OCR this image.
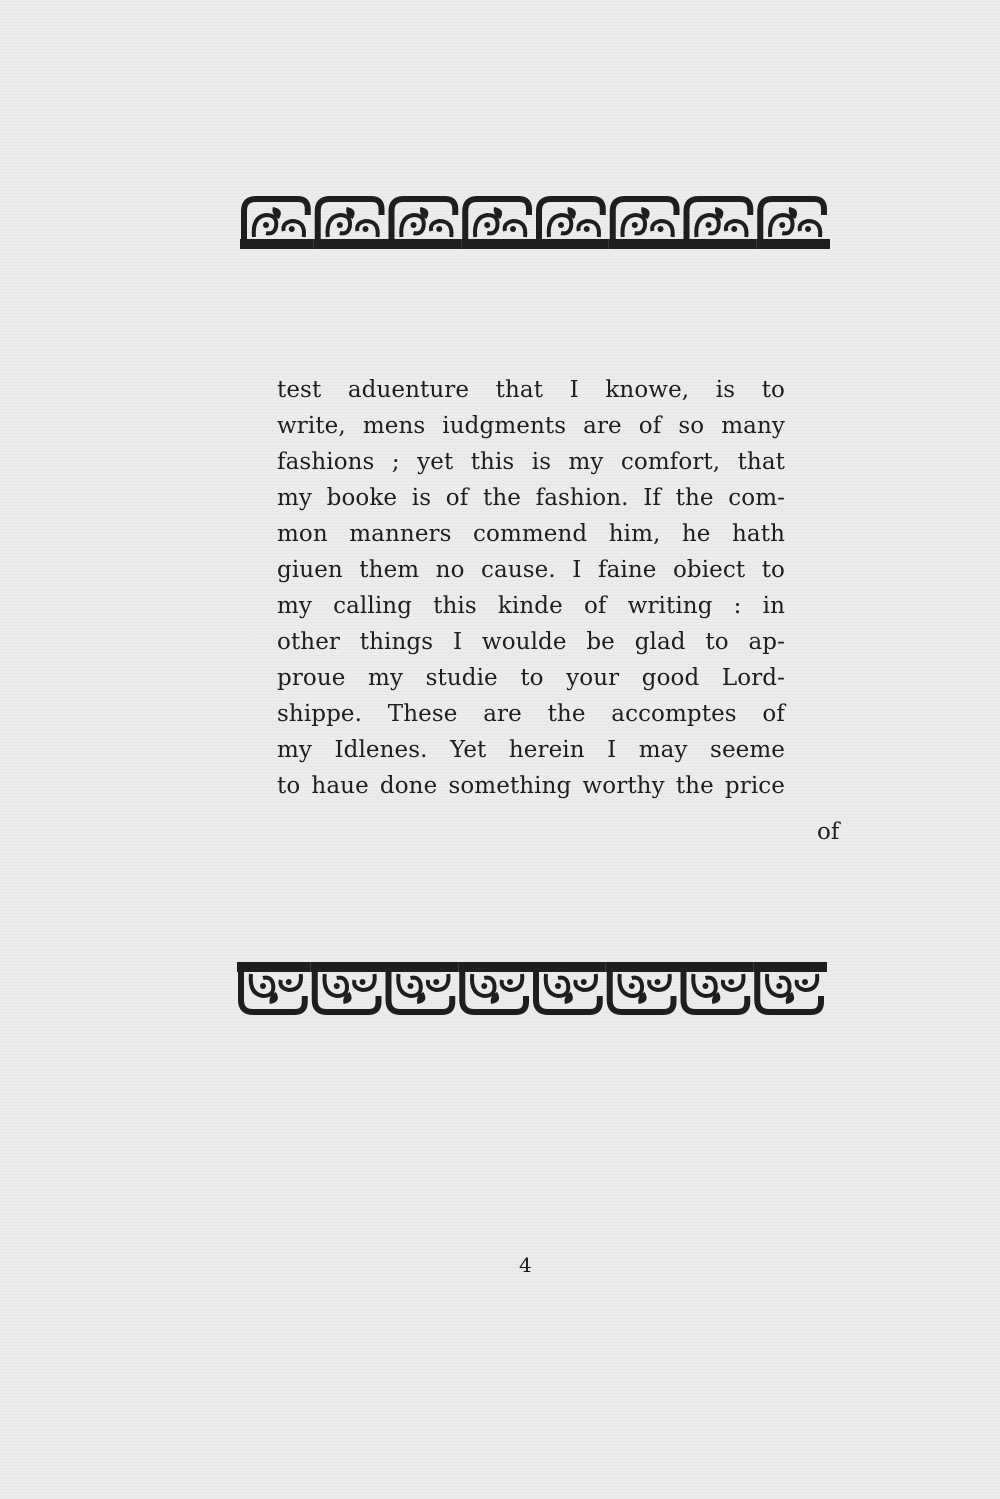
test aduenture that I knowe, is to
write, mens iudgments are of so many
fashions ; yet this is my comfort, that
my booke is of the fashion. If the com-
mon manners commend him, he hath
giuen them no cause. I faine obiect to
my calling this kinde of writing : in
other things I woulde be glad to ap-
proue my studie to your good Lord-
shippe. These are the accomptes of
my Idlenes. Yet herein I may seeme
to haue done something worthy the price
of
4
